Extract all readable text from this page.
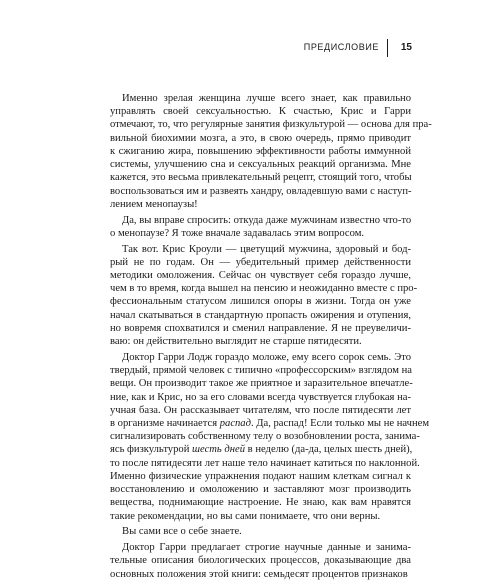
ПРЕДИСЛОВИЕ 15
Именно зрелая женщина лучше всего знает, как правильно
управлять своей сексуальностью. К счастью, Крис и Гарри
отмечают, то, что регулярные занятия физкультурой — основа для пра-
вильной биохимии мозга, а это, в свою очередь, прямо приводит
к сжиганию жира, повышению эффективности работы иммунной
системы, улучшению сна и сексуальных реакций организма. Мне
кажется, это весьма привлекательный рецепт, стоящий того, чтобы
воспользоваться им и развеять хандру, овладевшую вами с наступ-
лением менопаузы!
Да, вы вправе спросить: откуда даже мужчинам известно что-то
о менопаузе? Я тоже вначале задавалась этим вопросом.
Так вот. Крис Кроули — цветущий мужчина, здоровый и бод-
рый не по годам. Он — убедительный пример действенности
методики омоложения. Сейчас он чувствует себя гораздо лучше,
чем в то время, когда вышел на пенсию и неожиданно вместе с про-
фессиональным статусом лишился опоры в жизни. Тогда он уже
начал скатываться в стандартную пропасть ожирения и отупения,
но вовремя спохватился и сменил направление. Я не преувеличи-
ваю: он действительно выглядит не старше пятидесяти.
Доктор Гарри Лодж гораздо моложе, ему всего сорок семь. Это
твердый, прямой человек с типично «профессорским» взглядом на
вещи. Он производит такое же приятное и заразительное впечатле-
ние, как и Крис, но за его словами всегда чувствуется глубокая на-
учная база. Он рассказывает читателям, что после пятидесяти лет
в организме начинается распад. Да, распад! Если только мы не начнем
сигнализировать собственному телу о возобновлении роста, занима-
ясь физкультурой шесть дней в неделю (да-да, целых шесть дней),
то после пятидесяти лет наше тело начинает катиться по наклонной.
Именно физические упражнения подают нашим клеткам сигнал к
восстановлению и омоложению и заставляют мозг производить
вещества, поднимающие настроение. Не знаю, как вам нравятся
такие рекомендации, но вы сами понимаете, что они верны.
Вы сами все о себе знаете.
Доктор Гарри предлагает строгие научные данные и занима-
тельные описания биологических процессов, доказывающие два
основных положения этой книги: семьдесят процентов признаков
